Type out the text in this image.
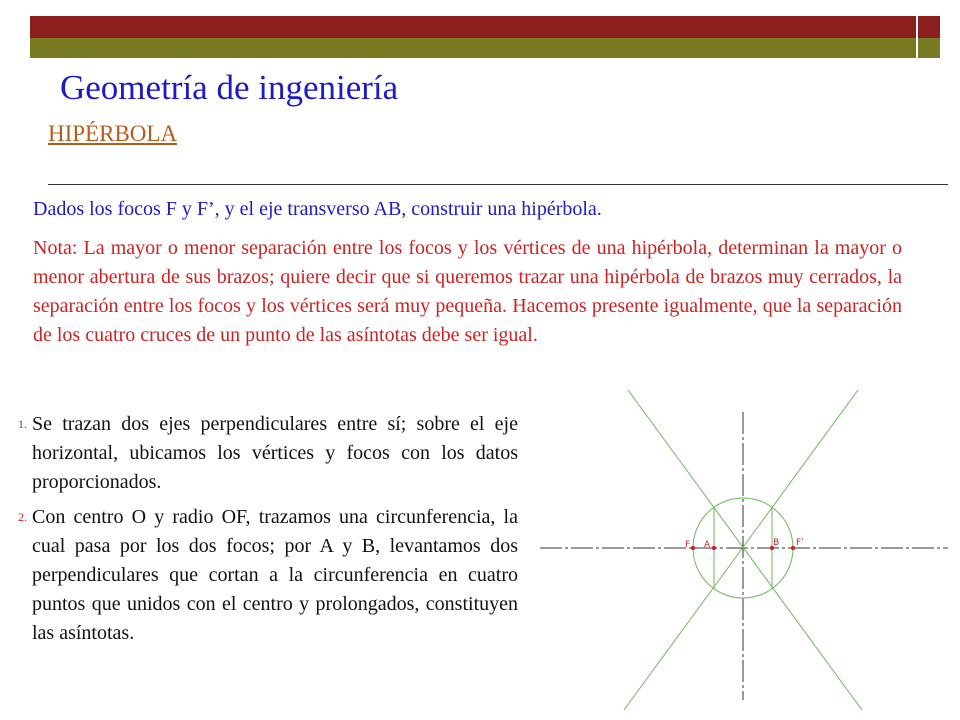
Geometría de ingeniería
HIPÉRBOLA
Dados los focos F y F’, y el eje transverso AB, construir una hipérbola.
Nota: La mayor o menor separación entre los focos y los vértices de una hipérbola, determinan la mayor o menor abertura de sus brazos; quiere decir que si queremos trazar una hipérbola de brazos muy cerrados, la separación entre los focos y los vértices será muy pequeña. Hacemos presente igualmente, que la separación de los cuatro cruces de un punto de las asíntotas debe ser igual.
1. Se trazan dos ejes perpendiculares entre sí; sobre el eje horizontal, ubicamos los vértices y focos con los datos proporcionados.
2. Con centro O y radio OF, trazamos una circunferencia, la cual pasa por los dos focos; por A y B, levantamos dos perpendiculares que cortan a la circunferencia en cuatro puntos que unidos con el centro y prolongados, constituyen las asíntotas.
F A	B F’
